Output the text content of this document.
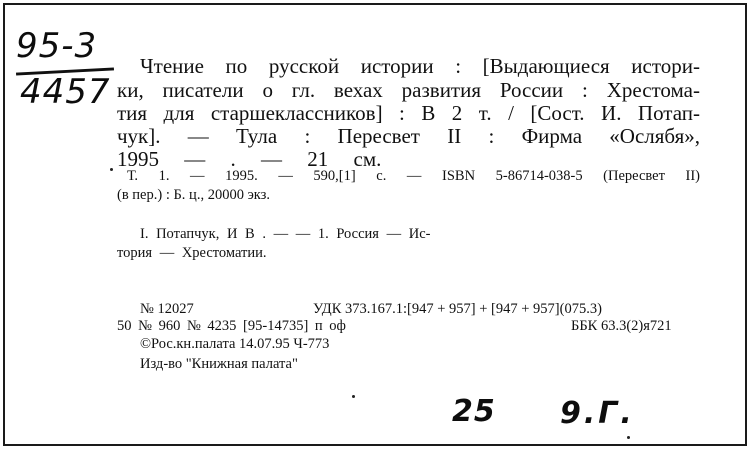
95-3
4457
Чтение по русской истории : [Выдающиеся истори-
ки, писатели о гл. вехах развития России : Хрестома-
тия для старшеклассников] : В 2 т. / [Сост. И. Потап-
чук]. — Тула : Пересвет II : Фирма «Ослябя»,
1995 — . — 21 см.
Т. 1. — 1995. — 590,[1] с. — ISBN 5-86714-038-5 (Пересвет II)
(в пер.) : Б. ц., 20000 экз.
I. Потапчук, И В . — — 1. Россия — Ис-
тория — Хрестоматии.
№ 12027	УДК 373.167.1:[947 + 957] + [947 + 957](075.3)
50 № 960 № 4235 [95-14735] п оф	ББК 63.3(2)я721
©Рос.кн.палата 14.07.95 Ч-773
Изд-во "Книжная палата"
25 9.Г.
